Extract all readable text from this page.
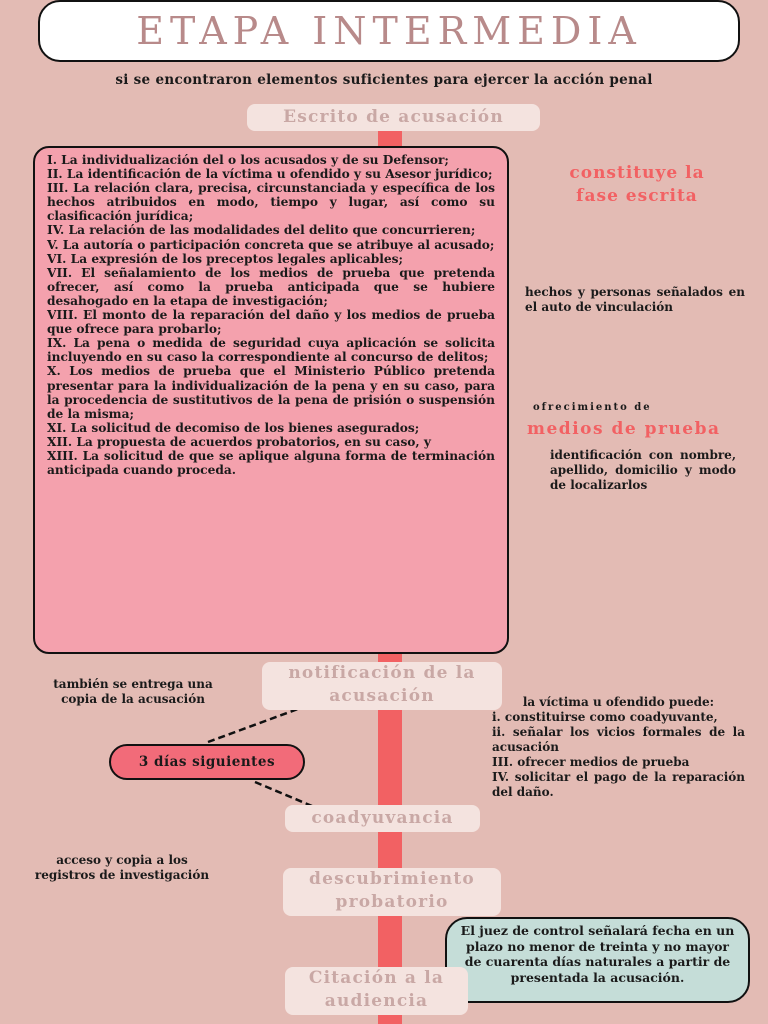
ETAPA INTERMEDIA
si se encontraron elementos suficientes para ejercer la acción penal
Escrito de acusación

I. La individualización del o los acusados y de su Defensor;

II. La identificación de la víctima u ofendido y su Asesor jurídico;

III. La relación clara, precisa, circunstanciada y específica de los hechos atribuidos en modo, tiempo y lugar, así como su clasificación jurídica;

IV. La relación de las modalidades del delito que concurrieren;

V. La autoría o participación concreta que se atribuye al acusado;

VI. La expresión de los preceptos legales aplicables;

VII. El señalamiento de los medios de prueba que pretenda ofrecer, así como la prueba anticipada que se hubiere desahogado en la etapa de investigación;

VIII. El monto de la reparación del daño y los medios de prueba que ofrece para probarlo;

IX. La pena o medida de seguridad cuya aplicación se solicita incluyendo en su caso la correspondiente al concurso de delitos;

X. Los medios de prueba que el Ministerio Público pretenda presentar para la individualización de la pena y en su caso, para la procedencia de sustitutivos de la pena de prisión o suspensión de la misma;

XI. La solicitud de decomiso de los bienes asegurados;

XII. La propuesta de acuerdos probatorios, en su caso, y

XIII. La solicitud de que se aplique alguna forma de terminación anticipada cuando proceda.

constituye la
fase escrita
hechos y personas señalados en el auto de vinculación
ofrecimiento de
medios de prueba
identificación con nombre, apellido, domicilio y modo de localizarlos
notificación de la
acusación
también se entrega una copia de la acusación
3 días siguientes
la víctima u ofendido puede:
i. constituirse como coadyuvante,
ii. señalar los vicios formales de la acusación
III. ofrecer medios de prueba
IV. solicitar el pago de la reparación del daño.
coadyuvancia
acceso y copia a los registros de investigación	descubrimiento
probatorio
El juez de control señalará fecha en un plazo no menor de treinta y no mayor de cuarenta días naturales a partir de presentada la acusación.
Citación a la
audiencia
